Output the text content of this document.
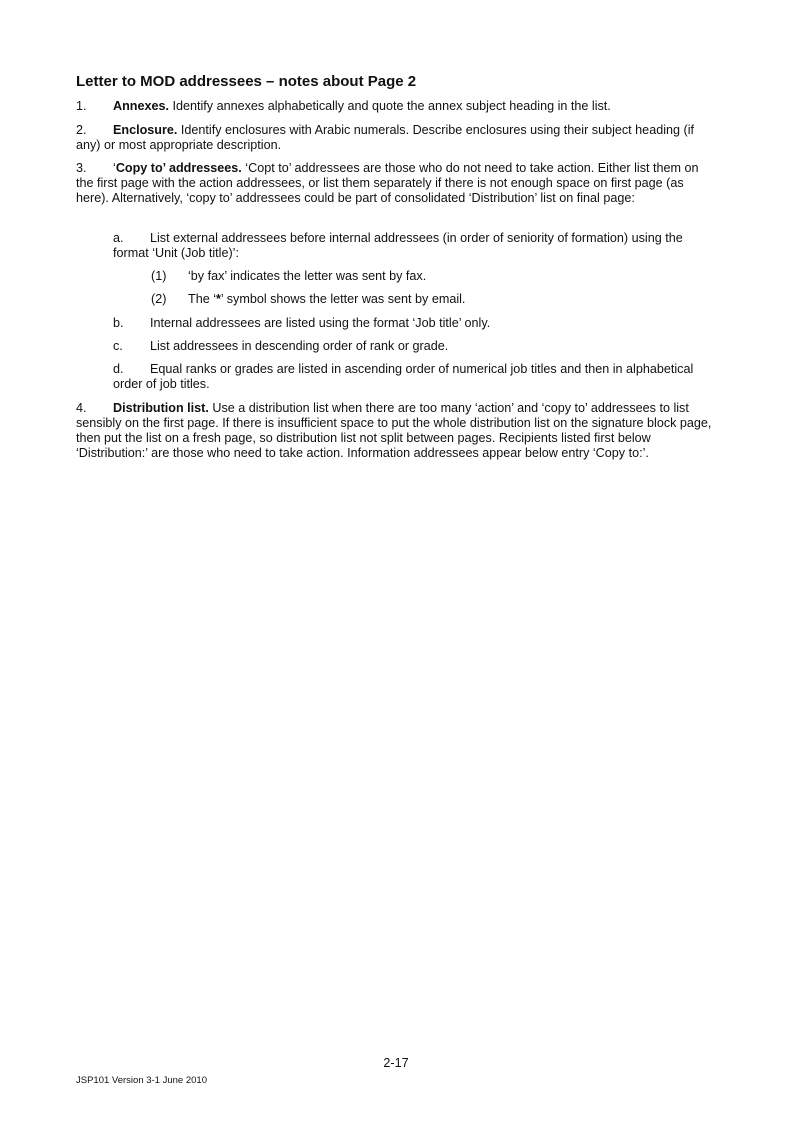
Letter to MOD addressees – notes about Page 2

1. Annexes. Identify annexes alphabetically and quote the annex subject heading in the list.

2. Enclosure. Identify enclosures with Arabic numerals. Describe enclosures using their subject heading (if any) or most appropriate description.

3. ‘Copy to’ addressees. ‘Copt to’ addressees are those who do not need to take action. Either list them on the first page with the action addressees, or list them separately if there is not enough space on first page (as here). Alternatively, ‘copy to’ addressees could be part of consolidated ‘Distribution’ list on final page:

a. List external addressees before internal addressees (in order of seniority of formation) using the format ‘Unit (Job title)’:

(1) ‘by fax’ indicates the letter was sent by fax.

(2) The ‘*’ symbol shows the letter was sent by email.

b. Internal addressees are listed using the format ‘Job title’ only.

c. List addressees in descending order of rank or grade.

d. Equal ranks or grades are listed in ascending order of numerical job titles and then in alphabetical order of job titles.

4. Distribution list. Use a distribution list when there are too many ‘action’ and ‘copy to’ addressees to list sensibly on the first page. If there is insufficient space to put the whole distribution list on the signature block page, then put the list on a fresh page, so distribution list not split between pages. Recipients listed first below ‘Distribution:’ are those who need to take action. Information addressees appear below entry ‘Copy to:’.

2-17
JSP101 Version 3-1 June 2010
